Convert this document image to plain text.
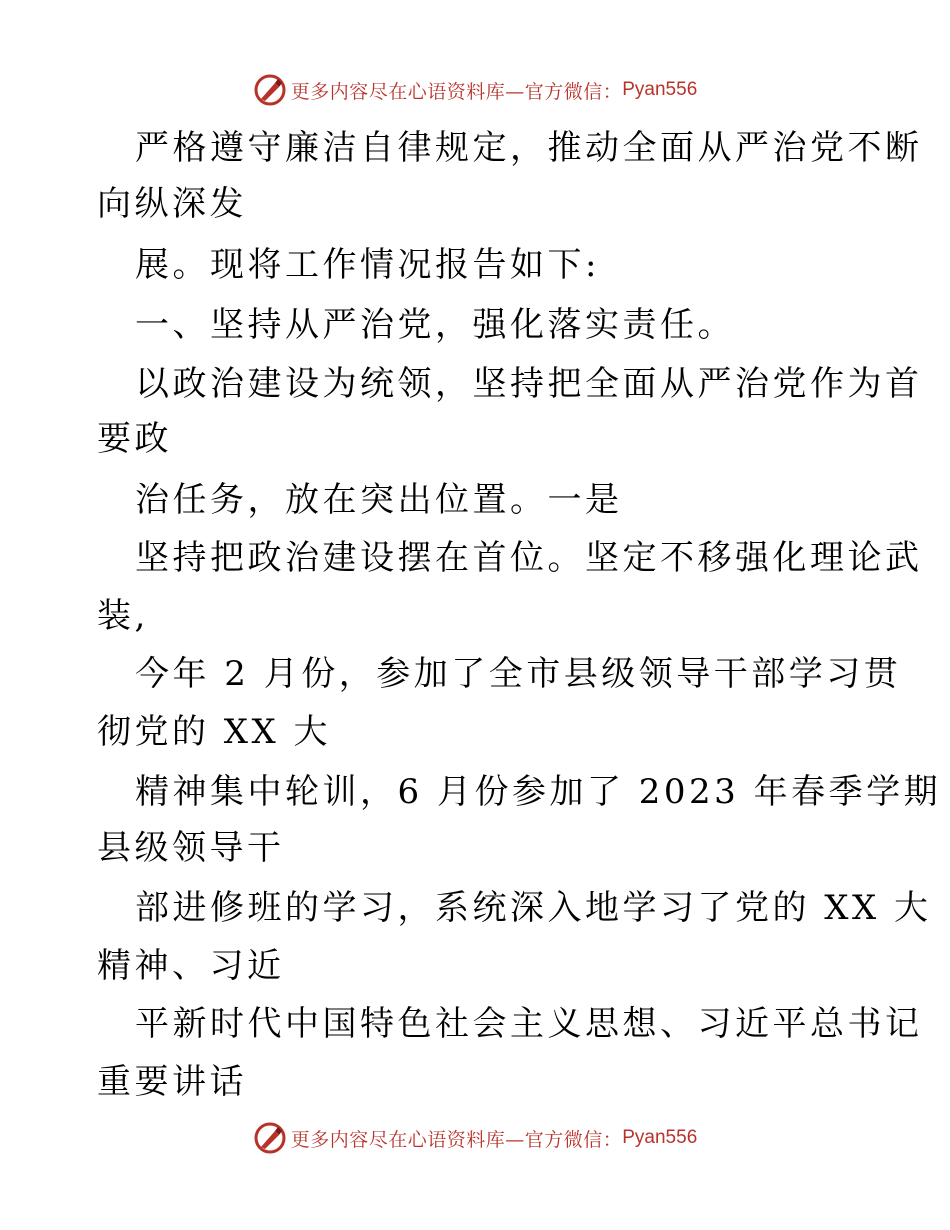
更多内容尽在心语资料库—官方微信： Pyan556
严格遵守廉洁自律规定，推动全面从严治党不断
向纵深发
展。现将工作情况报告如下:
一、坚持从严治党，强化落实责任。
以政治建设为统领，坚持把全面从严治党作为首
要政
治任务，放在突出位置。一是
坚持把政治建设摆在首位。坚定不移强化理论武
装,
今年 2 月份，参加了全市县级领导干部学习贯
彻党的 XX 大
精神集中轮训，6 月份参加了 2023 年春季学期
县级领导干
部进修班的学习，系统深入地学习了党的 XX 大
精神、习近
平新时代中国特色社会主义思想、习近平总书记
重要讲话
更多内容尽在心语资料库—官方微信： Pyan556
